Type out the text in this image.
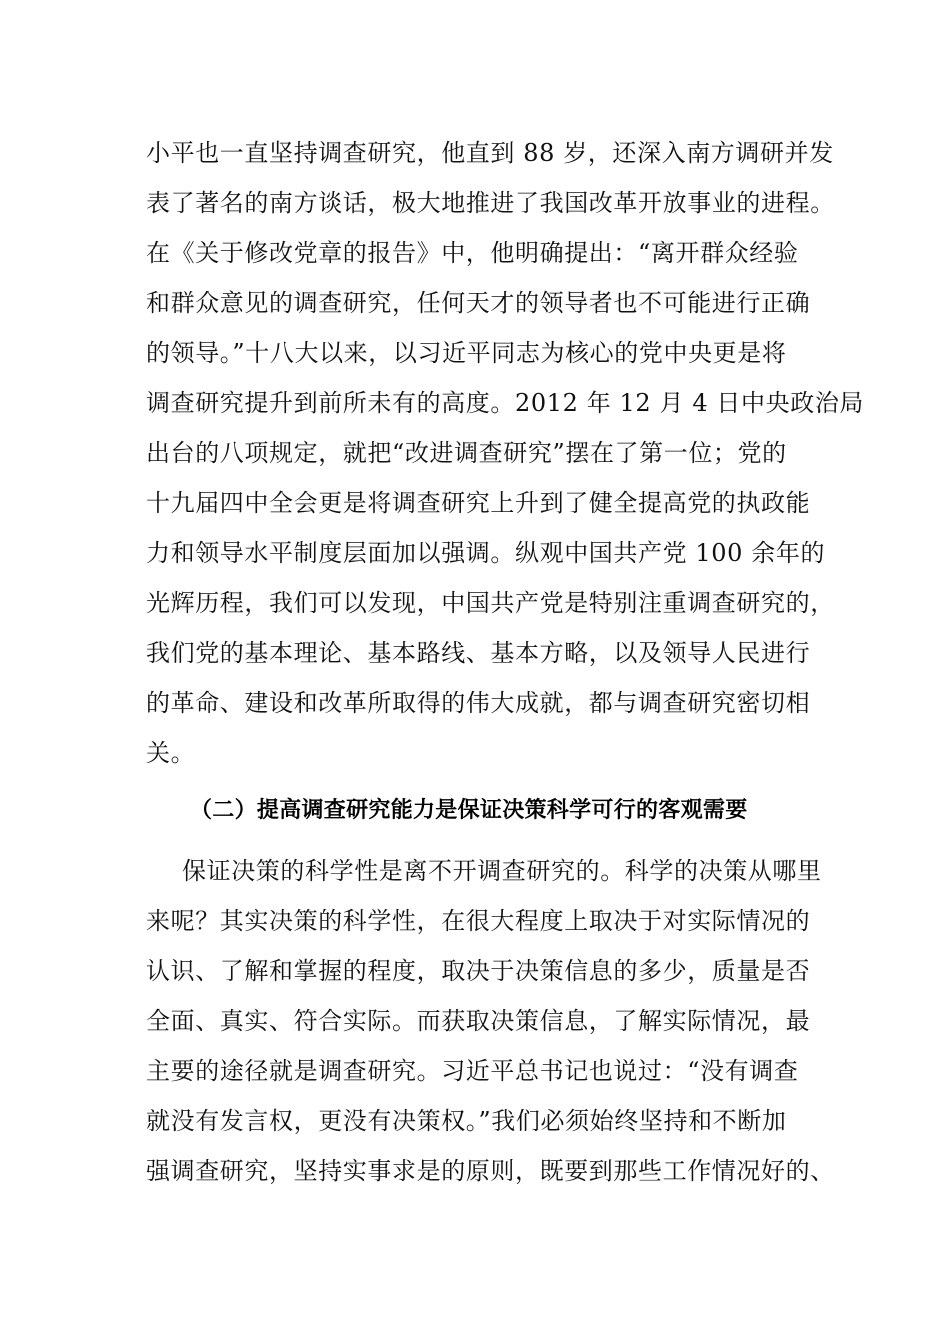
小平也一直坚持调查研究，他直到 88 岁，还深入南方调研并发
表了著名的南方谈话，极大地推进了我国改革开放事业的进程。
在《关于修改党章的报告》中，他明确提出：“离开群众经验
和群众意见的调查研究，任何天才的领导者也不可能进行正确
的领导。”十八大以来，以习近平同志为核心的党中央更是将
调查研究提升到前所未有的高度。2012 年 12 月 4 日中央政治局
出台的八项规定，就把“改进调查研究”摆在了第一位；党的
十九届四中全会更是将调查研究上升到了健全提高党的执政能
力和领导水平制度层面加以强调。纵观中国共产党 100 余年的
光辉历程，我们可以发现，中国共产党是特别注重调查研究的，
我们党的基本理论、基本路线、基本方略，以及领导人民进行
的革命、建设和改革所取得的伟大成就，都与调查研究密切相
关。
（二）提高调查研究能力是保证决策科学可行的客观需要
保证决策的科学性是离不开调查研究的。科学的决策从哪里
来呢？其实决策的科学性，在很大程度上取决于对实际情况的
认识、了解和掌握的程度，取决于决策信息的多少，质量是否
全面、真实、符合实际。而获取决策信息，了解实际情况，最
主要的途径就是调查研究。习近平总书记也说过：“没有调查
就没有发言权，更没有决策权。”我们必须始终坚持和不断加
强调查研究，坚持实事求是的原则，既要到那些工作情况好的、
